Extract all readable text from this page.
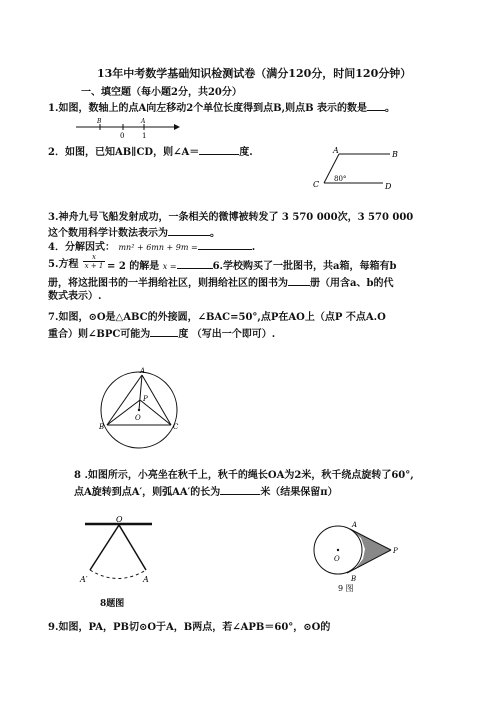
13年中考数学基础知识检测试卷（满分120分，时间120分钟）
一、填空题（每小题2分，共20分）
1.如图，数轴上的点A向左移动2个单位长度得到点B,则点B 表示的数是 。
B	A
0	1
2．如图，已知AB∥CD，则∠A＝	度.	A	B
C	D
80°
3.神舟九号飞船发射成功，一条相关的微博被转发了 3 570 000次，3 570 000
这个数用科学计数法表示为	。
4．分解因式： mn² + 6mn + 9m =	.
5.方程 $\frac{x}{x + 1} = 2$ 的解是 x =	6.学校购买了一批图书，共a箱，每箱有b
册，将这批图书的一半捐给社区，则捐给社区的图书为 册（用含a、b的代
数式表示）.
7.如图，⊙O是△ABC的外接圆，∠BAC=50°,点P在AO上（点P 不点A.O
重合）则∠BPC可能为	度 （写出一个即可）.
A
B	C
O
P
8 .如图所示，小亮坐在秋千上，秋千的绳长OA为2米，秋千绕点旋转了60°,
点A旋转到点A′，则弧AA′的长为	米（结果保留π）
O
A′	A
8题图
A
B
O
P
9 图
9.如图，PA，PB切⊙O于A，B两点，若∠APB＝60°，⊙O的
